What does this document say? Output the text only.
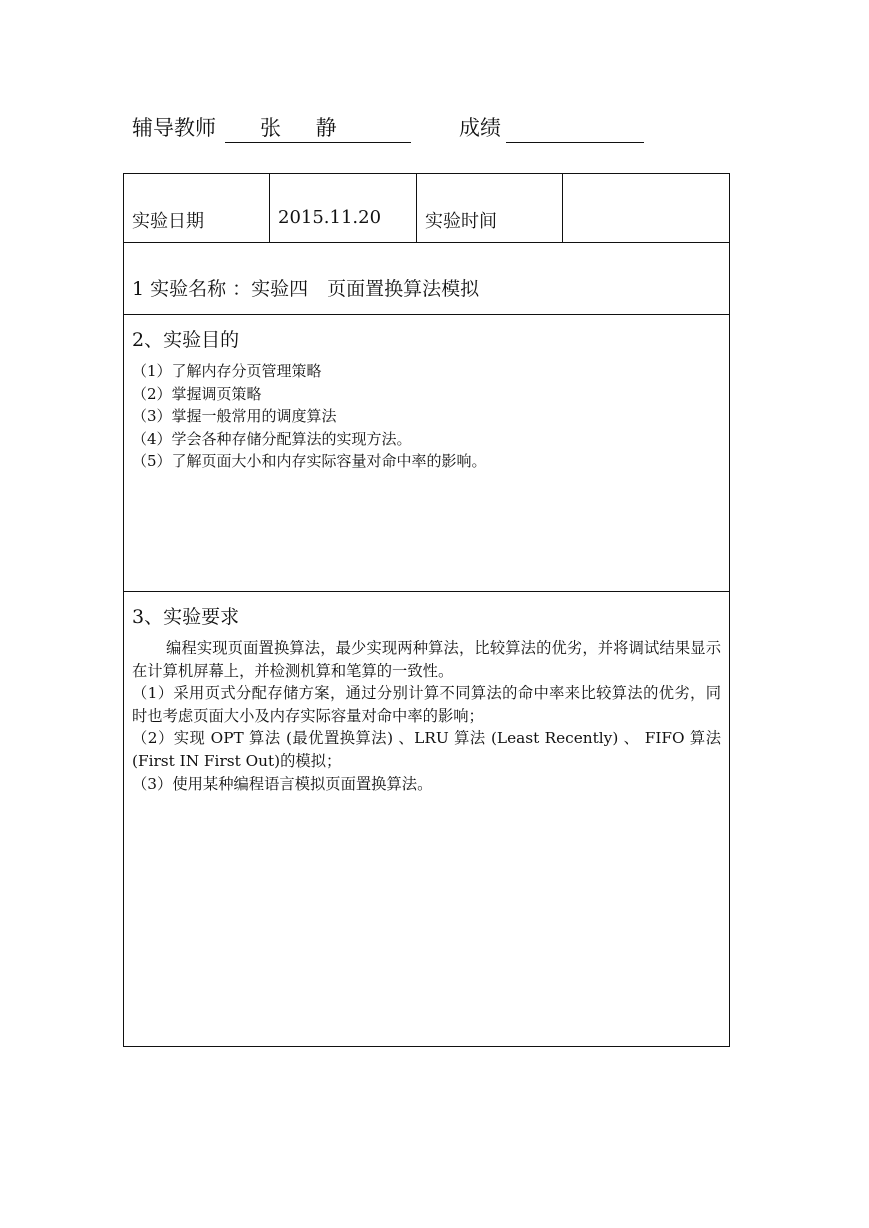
辅导教师 张 静	成绩
实验日期	2015.11.20 实验时间
1 实验名称 ：实验四　页面置换算法模拟
2、实验目的
（1）了解内存分页管理策略
（2）掌握调页策略
（3）掌握一般常用的调度算法
（4）学会各种存储分配算法的实现方法。
（5）了解页面大小和内存实际容量对命中率的影响。
3、实验要求

编程实现页面置换算法，最少实现两种算法，比较算法的优劣，并将调试结果显示在计算机屏幕上，并检测机算和笔算的一致性。

（1）采用页式分配存储方案，通过分别计算不同算法的命中率来比较算法的优劣，同时也考虑页面大小及内存实际容量对命中率的影响；

（2）实现 OPT 算法 (最优置换算法) 、LRU 算法 (Least Recently) 、 FIFO 算法 (First IN First Out)的模拟；

（3）使用某种编程语言模拟页面置换算法。
